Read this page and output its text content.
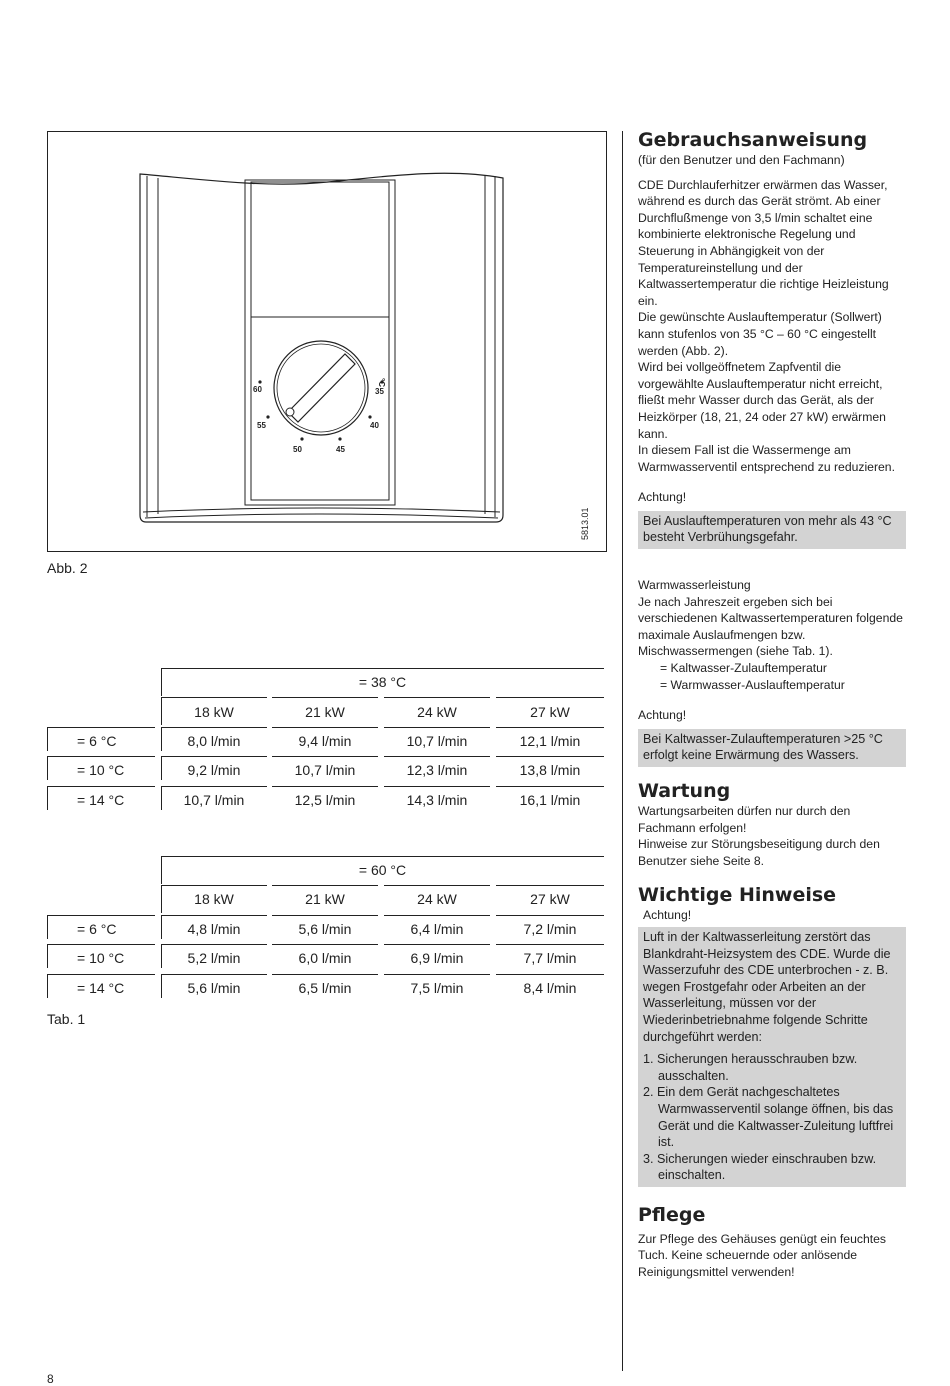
60
55
50	45
40
35
°C
5813.01
Abb. 2
= 38 °C
18 kW	21 kW	24 kW	27 kW
= 6 °C	8,0 l/min	9,4 l/min	10,7 l/min	12,1 l/min
= 10 °C	9,2 l/min	10,7 l/min	12,3 l/min	13,8 l/min
= 14 °C	10,7 l/min	12,5 l/min	14,3 l/min	16,1 l/min
= 60 °C
18 kW	21 kW	24 kW	27 kW
= 6 °C	4,8 l/min	5,6 l/min	6,4 l/min	7,2 l/min
= 10 °C	5,2 l/min	6,0 l/min	6,9 l/min	7,7 l/min
= 14 °C	5,6 l/min	6,5 l/min	7,5 l/min	8,4 l/min
Tab. 1
Gebrauchsanweisung

(für den Benutzer und den Fachmann)

CDE Durchlauferhitzer erwärmen das Wasser, während es durch das Gerät strömt. Ab einer Durchflußmenge von 3,5 l/min schaltet eine kombinierte elektronische Regelung und Steuerung in Abhängigkeit von der Temperatureinstellung und der Kaltwassertemperatur die richtige Heizleistung ein.

Die gewünschte Auslauftemperatur (Sollwert) kann stufenlos von 35 °C – 60 °C eingestellt werden (Abb. 2).

Wird bei vollgeöffnetem Zapfventil die vorgewählte Auslauftemperatur nicht erreicht, fließt mehr Wasser durch das Gerät, als der Heizkörper (18, 21, 24 oder 27 kW) erwärmen kann.

In diesem Fall ist die Wassermenge am Warmwasserventil entsprechend zu reduzieren.

Achtung!

Bei Auslauftemperaturen von mehr als 43 °C besteht Verbrühungsgefahr.

Warmwasserleistung

Je nach Jahreszeit ergeben sich bei verschiedenen Kaltwassertemperaturen folgende maximale Auslaufmengen bzw. Mischwassermengen (siehe Tab. 1).

= Kaltwasser-Zulauftemperatur

= Warmwasser-Auslauftemperatur

Achtung!

Bei Kaltwasser-Zulauftemperaturen >25 °C erfolgt keine Erwärmung des Wassers.
Wartung

Wartungsarbeiten dürfen nur durch den Fachmann erfolgen!

Hinweise zur Störungsbeseitigung durch den Benutzer siehe Seite 8.

Wichtige Hinweise

Achtung!

Luft in der Kaltwasserleitung zerstört das Blankdraht-Heizsystem des CDE. Wurde die Wasserzufuhr des CDE unterbrochen - z. B. wegen Frostgefahr oder Arbeiten an der Wasserleitung, müssen vor der Wiederinbetriebnahme folgende Schritte durchgeführt werden:
1. Sicherungen herausschrauben bzw. ausschalten.
2. Ein dem Gerät nachgeschaltetes Warmwasserventil solange öffnen, bis das Gerät und die Kaltwasser-Zuleitung luftfrei ist.
3. Sicherungen wieder einschrauben bzw. einschalten.
Pflege

Zur Pflege des Gehäuses genügt ein feuchtes Tuch. Keine scheuernde oder anlösende Reinigungsmittel verwenden!

8
